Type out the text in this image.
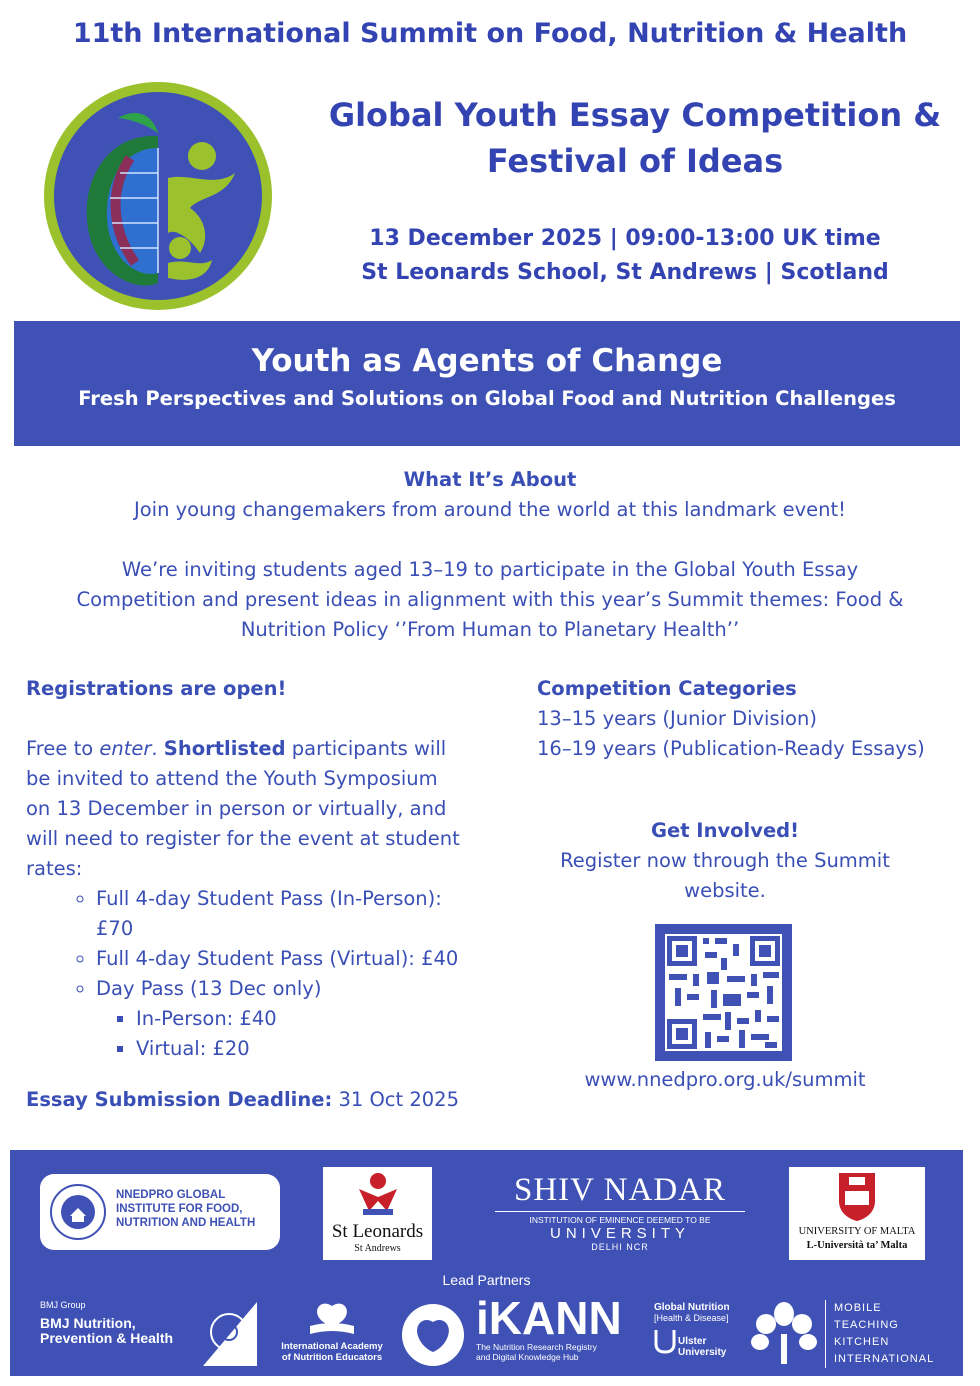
11th International Summit on Food, Nutrition & Health
Global Youth Essay Competition &
Festival of Ideas
13 December 2025 | 09:00-13:00 UK time
St Leonards School, St Andrews | Scotland
Youth as Agents of Change
Fresh Perspectives and Solutions on Global Food and Nutrition Challenges
What It’s About
Join young changemakers from around the world at this landmark event!
We’re inviting students aged 13–19 to participate in the Global Youth Essay
Competition and present ideas in alignment with this year’s Summit themes: Food &
Nutrition Policy ‘’From Human to Planetary Health’’
Registrations are open!
Free to enter. Shortlisted participants will
be invited to attend the Youth Symposium
on 13 December in person or virtually, and
will need to register for the event at student
rates:
◦ Full 4-day Student Pass (In-Person):
£70
◦ Full 4-day Student Pass (Virtual): £40
◦ Day Pass (13 Dec only)
▪ In-Person: £40
▪ Virtual: £20
Essay Submission Deadline: 31 Oct 2025
Competition Categories
13–15 years (Junior Division)
16–19 years (Publication-Ready Essays)
Get Involved!
Register now through the Summit
website.
www.nnedpro.org.uk/summit
NNEDPRO GLOBAL
INSTITUTE FOR FOOD,
NUTRITION AND HEALTH	St Leonards
St Andrews
SHIV NADAR
INSTITUTION OF EMINENCE DEEMED TO BE
UNIVERSITY
DELHI NCR
UNIVERSITY OF MALTA
L-Università ta’ Malta
Lead Partners
BMJ Group
BMJ Nutrition,
Prevention & Health
International Academy
of Nutrition Educators
iKANN
The Nutrition Research Registry
and Digital Knowledge Hub
Global Nutrition
[Health & Disease]
Ulster
University
MOBILE
TEACHING
KITCHEN
INTERNATIONAL
